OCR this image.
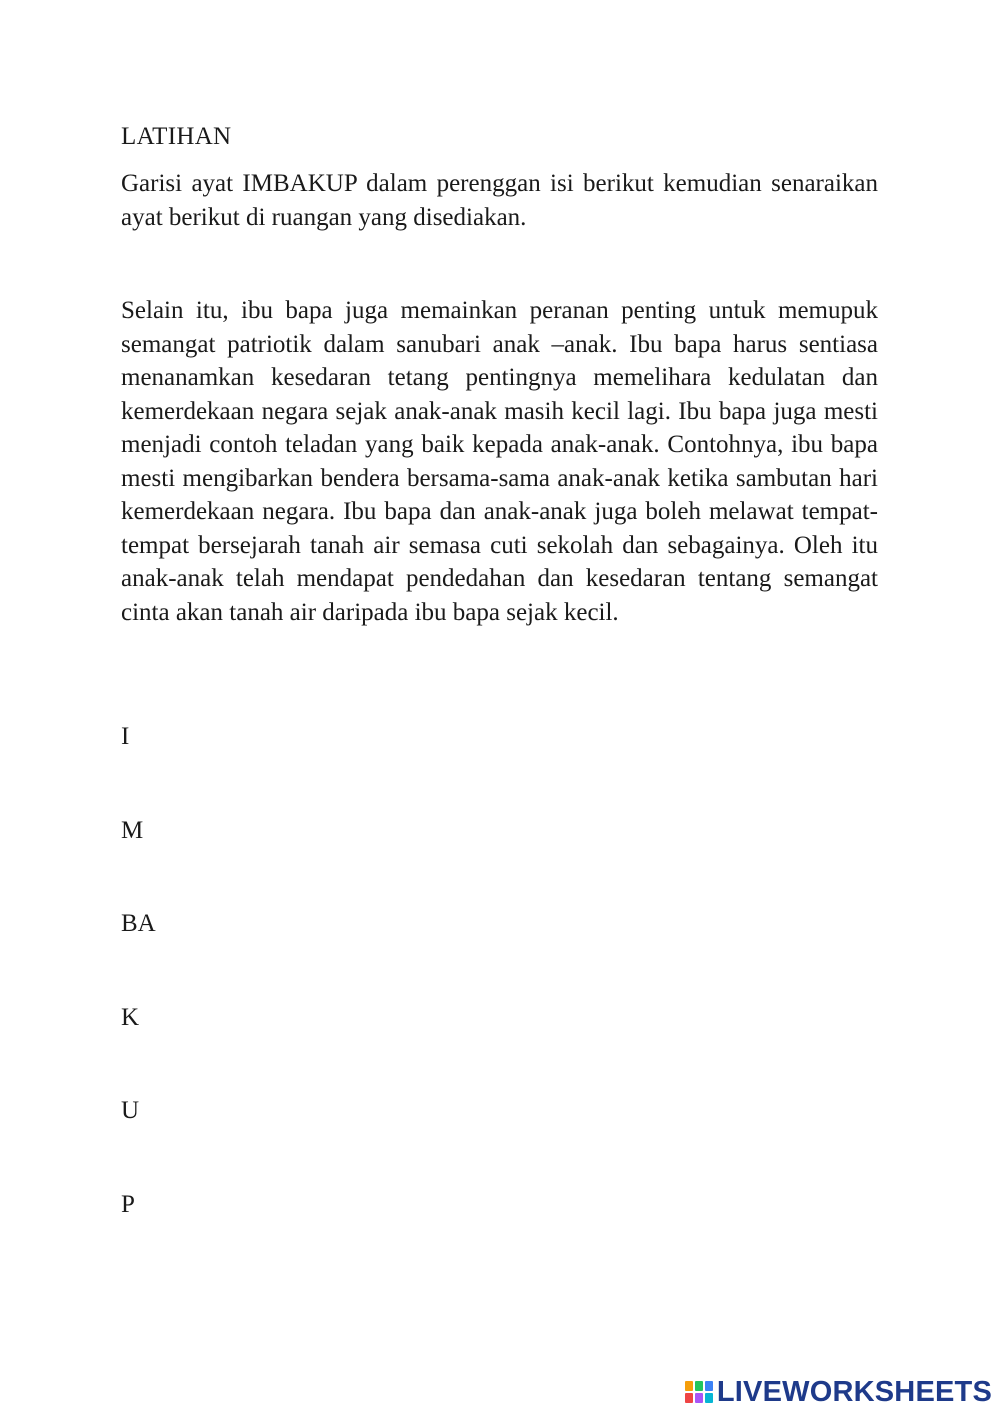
LATIHAN
Garisi ayat IMBAKUP dalam perenggan isi berikut kemudian senaraikan ayat berikut di ruangan yang disediakan.
Selain itu, ibu bapa juga memainkan peranan penting untuk memupuk semangat patriotik dalam sanubari anak –anak. Ibu bapa harus sentiasa menanamkan kesedaran tetang pentingnya memelihara kedulatan dan kemerdekaan negara sejak anak-anak masih kecil lagi. Ibu bapa juga mesti menjadi contoh teladan yang baik kepada anak-anak. Contohnya, ibu bapa mesti mengibarkan bendera bersama-sama anak-anak ketika sambutan hari kemerdekaan negara. Ibu bapa dan anak-anak juga boleh melawat tempat-tempat bersejarah tanah air semasa cuti sekolah dan sebagainya. Oleh itu anak-anak telah mendapat pendedahan dan kesedaran tentang semangat cinta akan tanah air daripada ibu bapa sejak kecil.
I
M
BA
K
U
P
LIVEWORKSHEETS
